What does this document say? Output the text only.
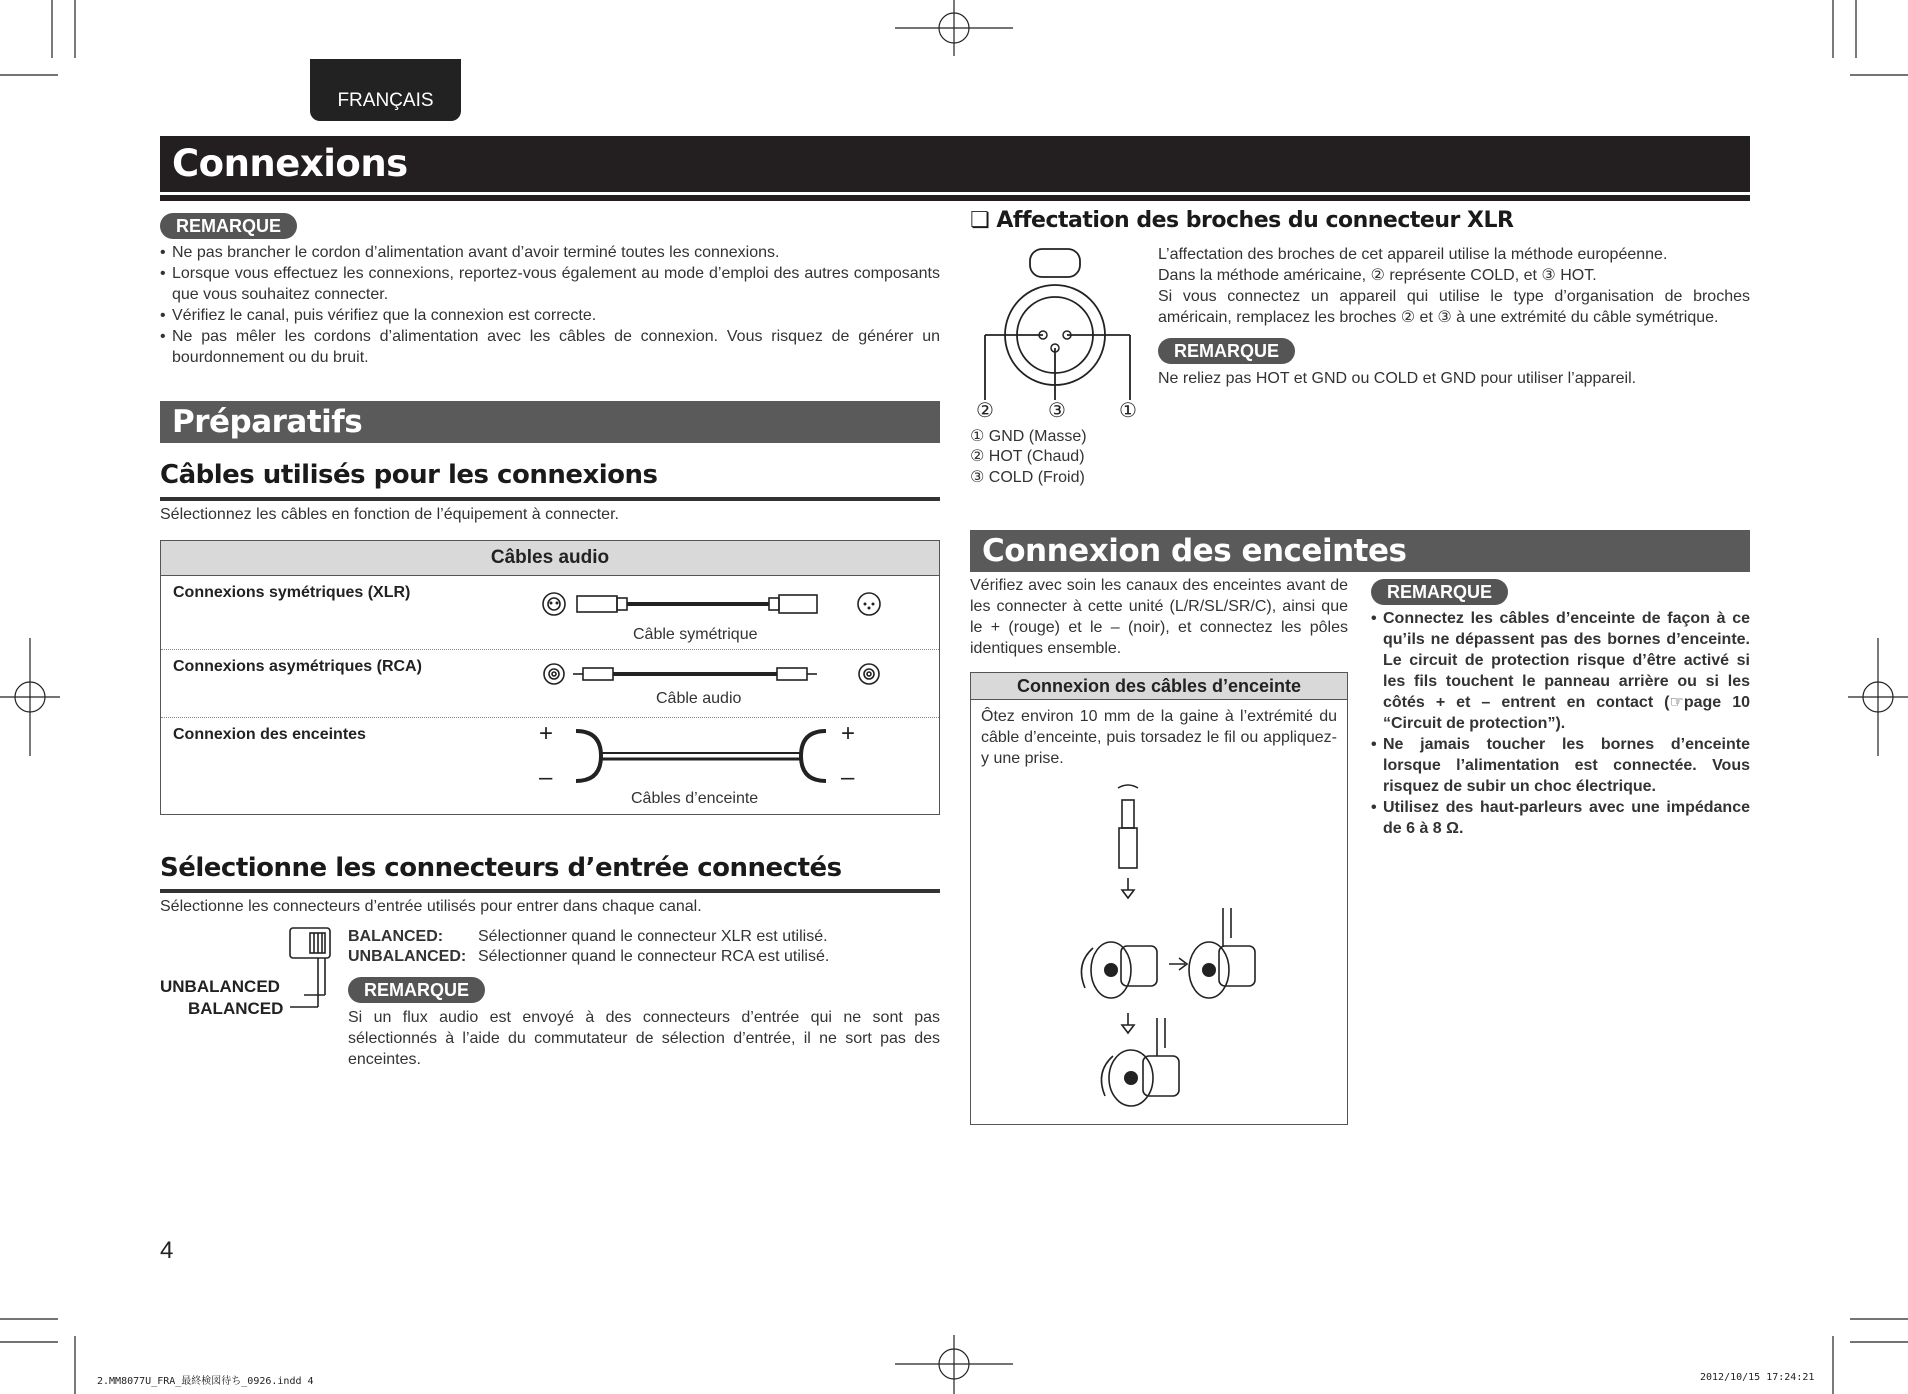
FRANÇAIS
Connexions
REMARQUE
• Ne pas brancher le cordon d’alimentation avant d’avoir terminé toutes les connexions.
• Lorsque vous effectuez les connexions, reportez-vous également au mode d’emploi des autres composants que vous souhaitez connecter.
• Vérifiez le canal, puis vérifiez que la connexion est correcte.
• Ne pas mêler les cordons d’alimentation avec les câbles de connexion. Vous risquez de générer un bourdonnement ou du bruit.
Préparatifs
Câbles utilisés pour les connexions
Sélectionnez les câbles en fonction de l’équipement à connecter.
Câbles audio
Connexions symétriques (XLR)
Câble symétrique
Connexions asymétriques (RCA)
Câble audio
Connexion des enceintes	+
–
+
–
Câbles d’enceinte
Sélectionne les connecteurs d’entrée connectés
Sélectionne les connecteurs d’entrée utilisés pour entrer dans chaque canal.
UNBALANCED
BALANCED
BALANCED: Sélectionner quand le connecteur XLR est utilisé.
UNBALANCED: Sélectionner quand le connecteur RCA est utilisé.
REMARQUE
Si un flux audio est envoyé à des connecteurs d’entrée qui ne sont pas sélectionnés à l’aide du commutateur de sélection d’entrée, il ne sort pas des enceintes.
❏ Affectation des broches du connecteur XLR
②	③	①
① GND (Masse)
② HOT (Chaud)
③ COLD (Froid)
L’affectation des broches de cet appareil utilise la méthode européenne.
Dans la méthode américaine, ② représente COLD, et ③ HOT.
Si vous connectez un appareil qui utilise le type d’organisation de broches américain, remplacez les broches ② et ③ à une extrémité du câble symétrique.
REMARQUE
Ne reliez pas HOT et GND ou COLD et GND pour utiliser l’appareil.
Connexion des enceintes
Vérifiez avec soin les canaux des enceintes avant de les connecter à cette unité (L/R/SL/SR/C), ainsi que le + (rouge) et le – (noir), et connectez les pôles identiques ensemble.
Connexion des câbles d’enceinte
Ôtez environ 10 mm de la gaine à l’extrémité du câble d’enceinte, puis torsadez le fil ou appliquez-y une prise.
REMARQUE
• Connectez les câbles d’enceinte de façon à ce qu’ils ne dépassent pas des bornes d’enceinte. Le circuit de protection risque d’être activé si les fils touchent le panneau arrière ou si les côtés + et – entrent en contact (☞page 10 “Circuit de protection”).
• Ne jamais toucher les bornes d’enceinte lorsque l’alimentation est connectée. Vous risquez de subir un choc électrique.
• Utilisez des haut-parleurs avec une impédance de 6 à 8 Ω.
4
2.MM8077U_FRA_最終検図待ち_0926.indd 4	2012/10/15 17:24:21
